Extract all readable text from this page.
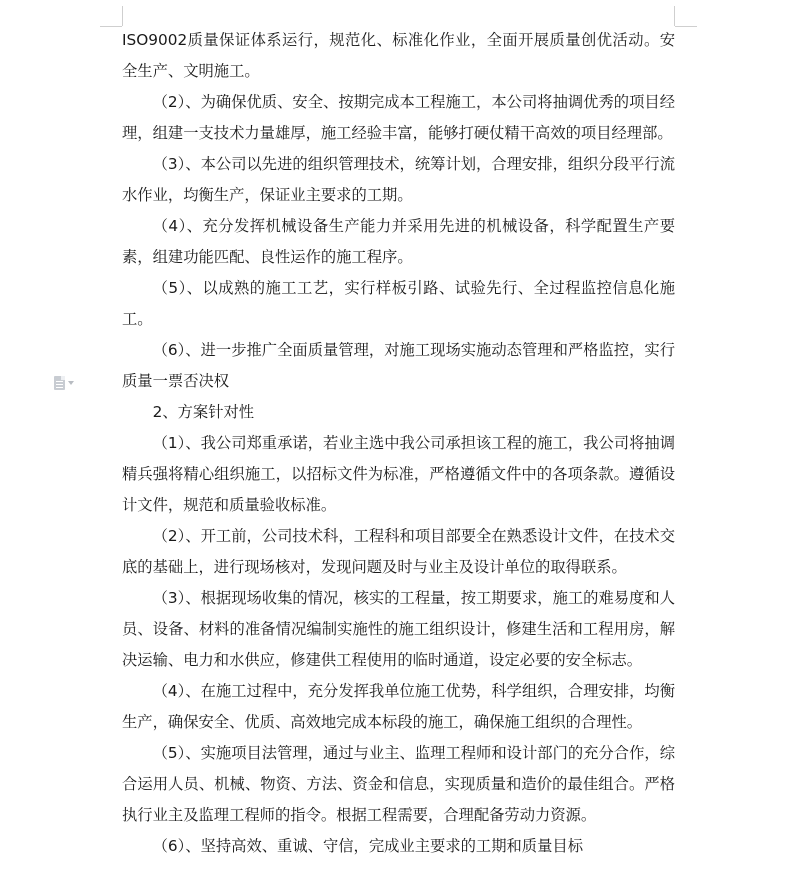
ISO9002质量保证体系运行，规范化、标准化作业，全面开展质量创优活动。安全生产、文明施工。

（2）、为确保优质、安全、按期完成本工程施工，本公司将抽调优秀的项目经理，组建一支技术力量雄厚，施工经验丰富，能够打硬仗精干高效的项目经理部。

（3）、本公司以先进的组织管理技术，统筹计划，合理安排，组织分段平行流水作业，均衡生产，保证业主要求的工期。

（4）、充分发挥机械设备生产能力并采用先进的机械设备，科学配置生产要素，组建功能匹配、良性运作的施工程序。

（5）、以成熟的施工工艺，实行样板引路、试验先行、全过程监控信息化施工。

（6）、进一步推广全面质量管理，对施工现场实施动态管理和严格监控，实行质量一票否决权

2、方案针对性

（1）、我公司郑重承诺，若业主选中我公司承担该工程的施工，我公司将抽调精兵强将精心组织施工，以招标文件为标准，严格遵循文件中的各项条款。遵循设计文件，规范和质量验收标准。

（2）、开工前，公司技术科，工程科和项目部要全在熟悉设计文件，在技术交底的基础上，进行现场核对，发现问题及时与业主及设计单位的取得联系。

（3）、根据现场收集的情况，核实的工程量，按工期要求，施工的难易度和人员、设备、材料的准备情况编制实施性的施工组织设计，修建生活和工程用房，解决运输、电力和水供应，修建供工程使用的临时通道，设定必要的安全标志。

（4）、在施工过程中，充分发挥我单位施工优势，科学组织，合理安排，均衡生产，确保安全、优质、高效地完成本标段的施工，确保施工组织的合理性。

（5）、实施项目法管理，通过与业主、监理工程师和设计部门的充分合作，综合运用人员、机械、物资、方法、资金和信息，实现质量和造价的最佳组合。严格执行业主及监理工程师的指令。根据工程需要，合理配备劳动力资源。

（6）、坚持高效、重诚、守信，完成业主要求的工期和质量目标
